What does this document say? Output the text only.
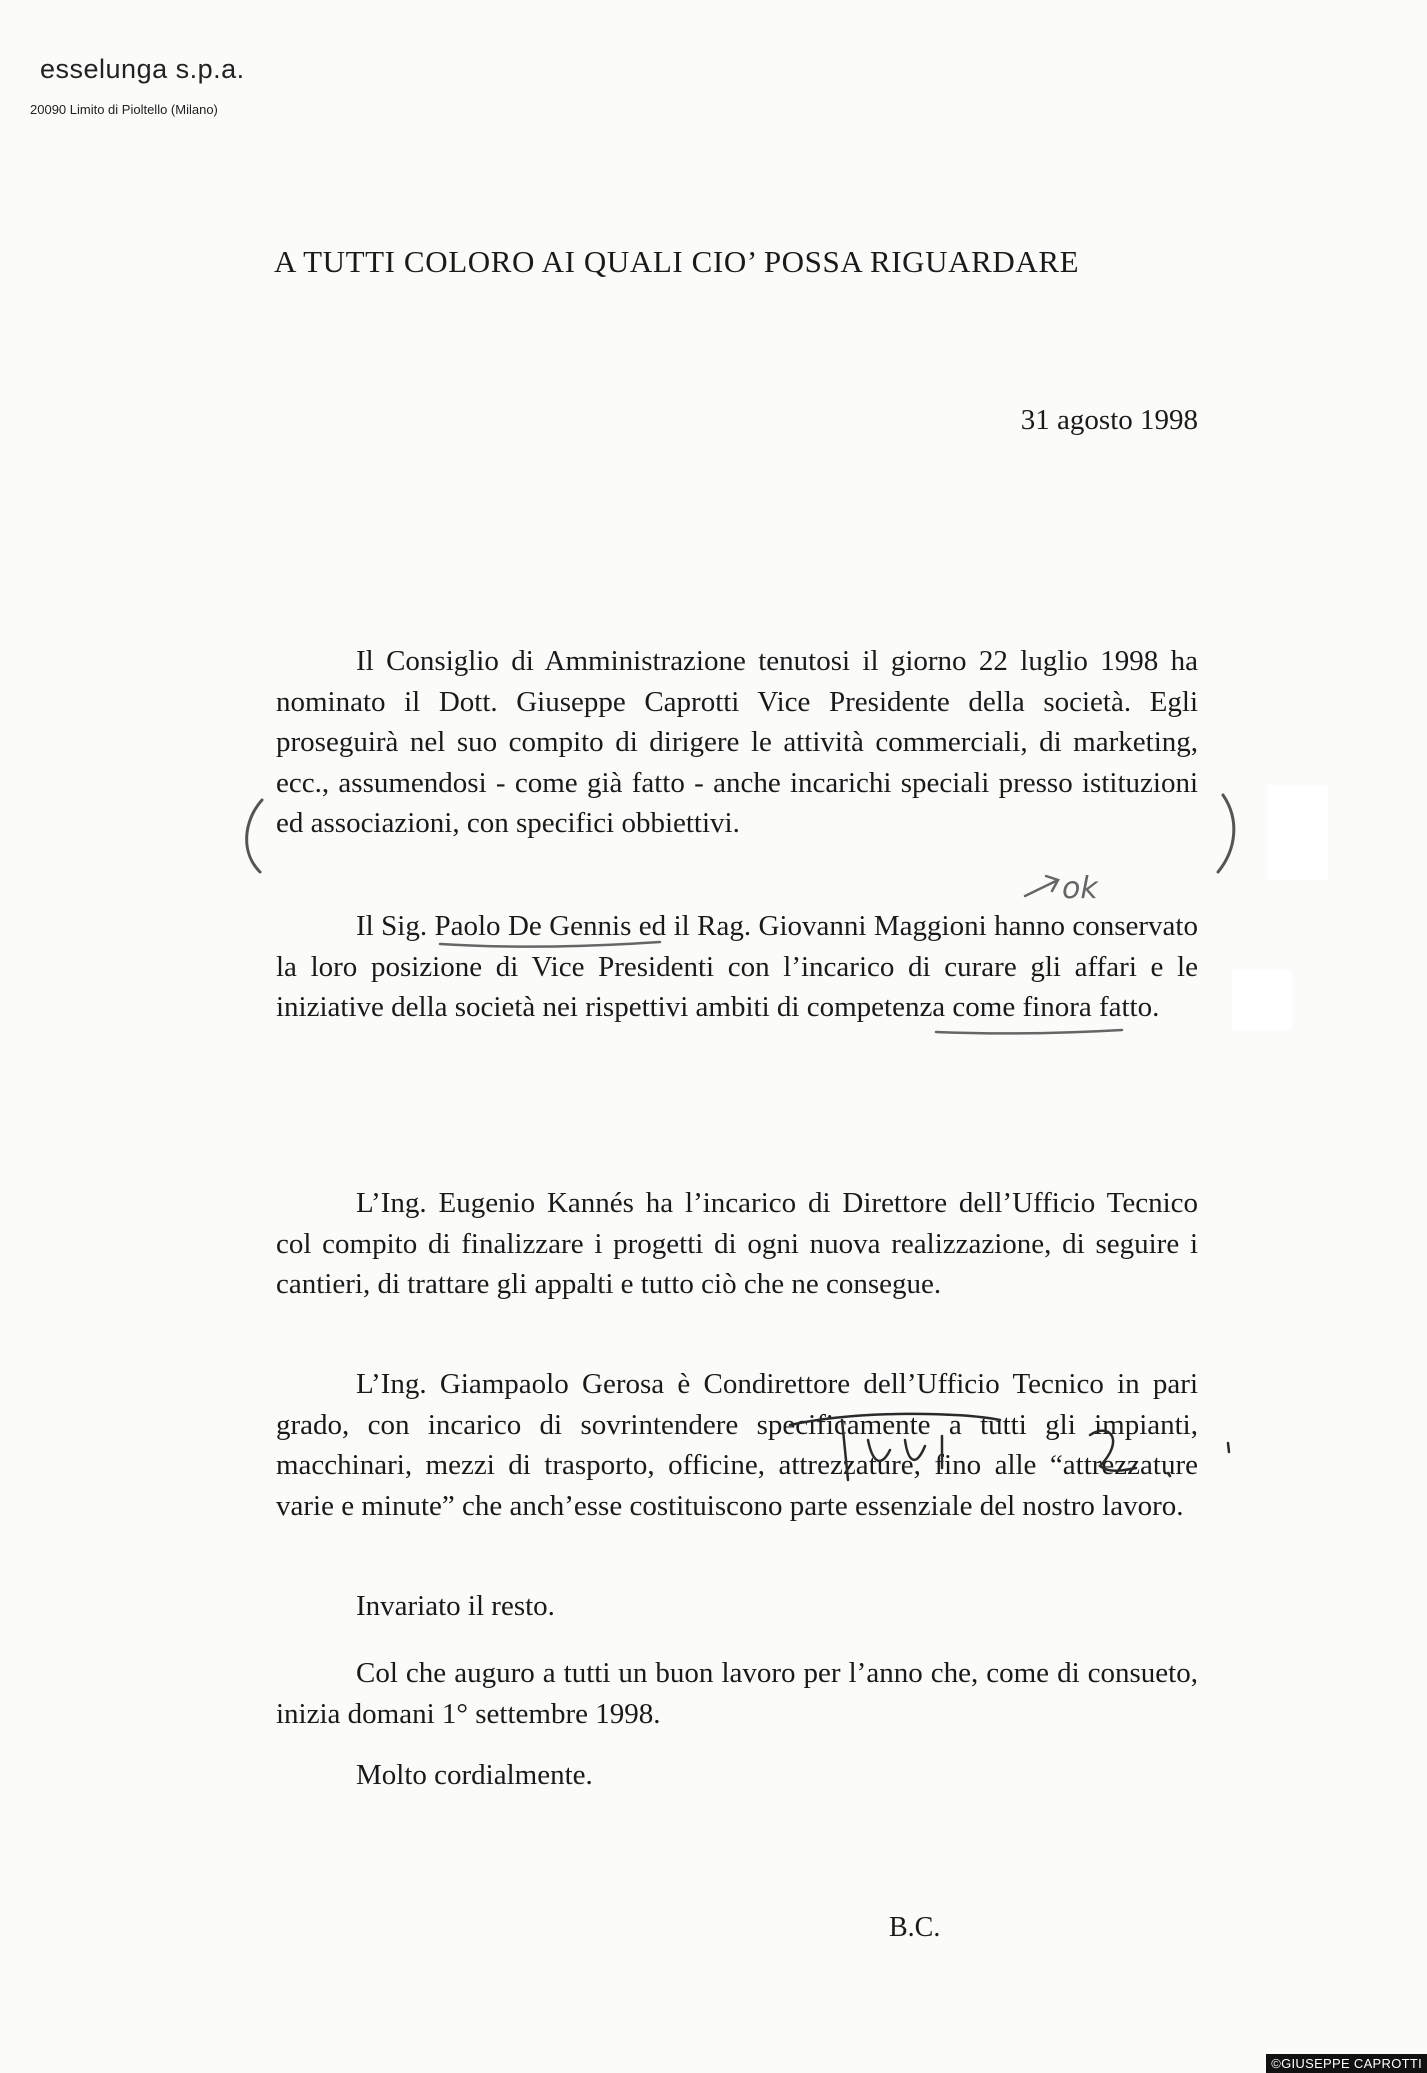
esselunga s.p.a.
20090 Limito di Pioltello (Milano)
A TUTTI COLORO AI QUALI CIO’ POSSA RIGUARDARE
31 agosto 1998

Il Consiglio di Amministrazione tenutosi il giorno 22 luglio 1998 ha nominato il Dott. Giuseppe Caprotti Vice Presidente della società. Egli proseguirà nel suo compito di dirigere le attività commerciali, di marketing, ecc., assumendosi - come già fatto - anche incarichi speciali presso istituzioni ed associazioni, con specifici obbiettivi.

Il Sig. Paolo De Gennis ed il Rag. Giovanni Maggioni hanno conservato la loro posizione di Vice Presidenti con l’incarico di curare gli affari e le iniziative della società nei rispettivi ambiti di competenza come finora fatto.

L’Ing. Eugenio Kannés ha l’incarico di Direttore dell’Ufficio Tecnico col compito di finalizzare i progetti di ogni nuova realizzazione, di seguire i cantieri, di trattare gli appalti e tutto ciò che ne consegue.

L’Ing. Giampaolo Gerosa è Condirettore dell’Ufficio Tecnico in pari grado, con incarico di sovrintendere specificamente a tutti gli impianti, macchinari, mezzi di trasporto, officine, attrezzature, fino alle “attrezzature varie e minute” che anch’esse costituiscono parte essenziale del nostro lavoro.

Invariato il resto.

Col che auguro a tutti un buon lavoro per l’anno che, come di consueto, inizia domani 1° settembre 1998.

Molto cordialmente.

ok
B.C.
©GIUSEPPE CAPROTTI
